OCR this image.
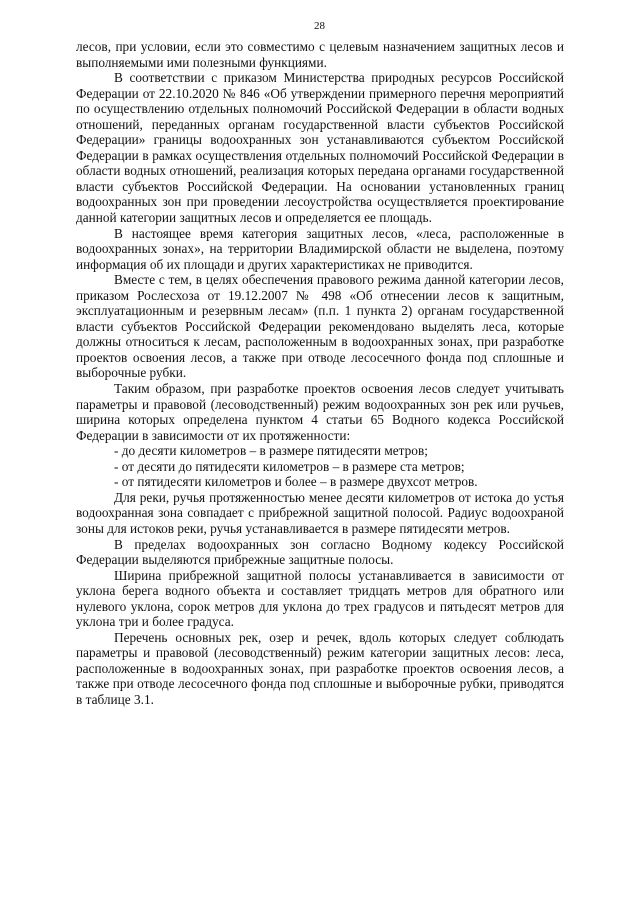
28

лесов, при условии, если это совместимо с целевым назначением защитных лесов и выполняемыми ими полезными функциями.

В соответствии с приказом Министерства природных ресурсов Российской Федерации от 22.10.2020 № 846 «Об утверждении примерного перечня мероприятий по осуществлению отдельных полномочий Российской Федерации в области водных отношений, переданных органам государственной власти субъектов Российской Федерации» границы водоохранных зон устанавливаются субъектом Российской Федерации в рамках осуществления отдельных полномочий Российской Федерации в области водных отношений, реализация которых передана органами государственной власти субъектов Российской Федерации. На основании установленных границ водоохранных зон при проведении лесоустройства осуществляется проектирование данной категории защитных лесов и определяется ее площадь.

В настоящее время категория защитных лесов, «леса, расположенные в водоохранных зонах», на территории Владимирской области не выделена, поэтому информация об их площади и других характеристиках не приводится.

Вместе с тем, в целях обеспечения правового режима данной категории лесов, приказом Рослесхоза от 19.12.2007 № 498 «Об отнесении лесов к защитным, эксплуатационным и резервным лесам» (п.п. 1 пункта 2) органам государственной власти субъектов Российской Федерации рекомендовано выделять леса, которые должны относиться к лесам, расположенным в водоохранных зонах, при разработке проектов освоения лесов, а также при отводе лесосечного фонда под сплошные и выборочные рубки.

Таким образом, при разработке проектов освоения лесов следует учитывать параметры и правовой (лесоводственный) режим водоохранных зон рек или ручьев, ширина которых определена пунктом 4 статьи 65 Водного кодекса Российской Федерации в зависимости от их протяженности:

- до десяти километров – в размере пятидесяти метров;

- от десяти до пятидесяти километров – в размере ста метров;

- от пятидесяти километров и более – в размере двухсот метров.

Для реки, ручья протяженностью менее десяти километров от истока до устья водоохранная зона совпадает с прибрежной защитной полосой. Радиус водоохраной зоны для истоков реки, ручья устанавливается в размере пятидесяти метров.

В пределах водоохранных зон согласно Водному кодексу Российской Федерации выделяются прибрежные защитные полосы.

Ширина прибрежной защитной полосы устанавливается в зависимости от уклона берега водного объекта и составляет тридцать метров для обратного или нулевого уклона, сорок метров для уклона до трех градусов и пятьдесят метров для уклона три и более градуса.

Перечень основных рек, озер и речек, вдоль которых следует соблюдать параметры и правовой (лесоводственный) режим категории защитных лесов: леса, расположенные в водоохранных зонах, при разработке проектов освоения лесов, а также при отводе лесосечного фонда под сплошные и выборочные рубки, приводятся в таблице 3.1.
